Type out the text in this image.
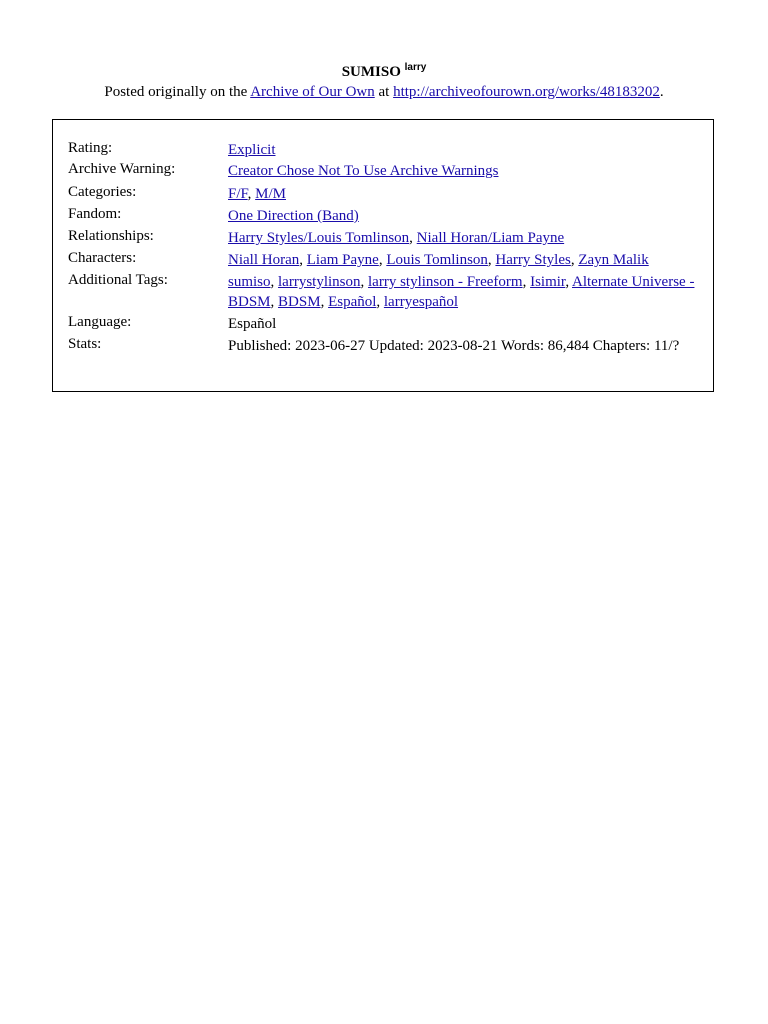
SUMISO $^{larry}$
Posted originally on the Archive of Our Own at http://archiveofourown.org/works/48183202.
Rating:	Explicit
Archive Warning:	Creator Chose Not To Use Archive Warnings
Categories:	F/F, M/M
Fandom:	One Direction (Band)
Relationships:	Harry Styles/Louis Tomlinson, Niall Horan/Liam Payne
Characters:	Niall Horan, Liam Payne, Louis Tomlinson, Harry Styles, Zayn Malik
Additional Tags:	sumiso, larrystylinson, larry stylinson - Freeform, Isimir, Alternate Universe - BDSM, BDSM, Español, larryespañol
Language:	Español
Stats:	Published: 2023-06-27 Updated: 2023-08-21 Words: 86,484 Chapters: 11/?
